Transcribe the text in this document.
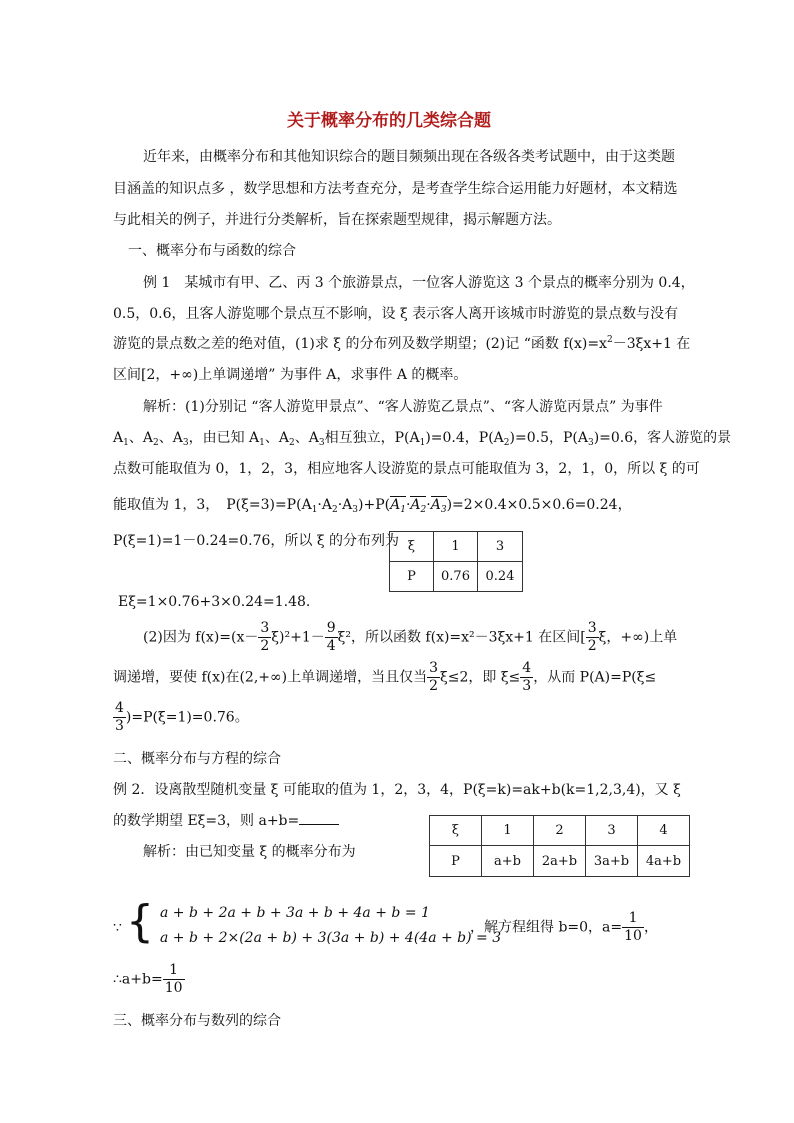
关于概率分布的几类综合题
近年来，由概率分布和其他知识综合的题目频频出现在各级各类考试题中，由于这类题
目涵盖的知识点多 ，数学思想和方法考查充分，是考查学生综合运用能力好题材，本文精选
与此相关的例子，并进行分类解析，旨在探索题型规律，揭示解题方法。
一、概率分布与函数的综合
例 1　某城市有甲、乙、丙 3 个旅游景点，一位客人游览这 3 个景点的概率分别为 0.4，
0.5，0.6，且客人游览哪个景点互不影响，设 ξ 表示客人离开该城市时游览的景点数与没有
游览的景点数之差的绝对值，(1)求 ξ 的分布列及数学期望；(2)记 “函数 $f(x)=x^2-3\xi x+1$ 在
区间[2，+∞)上单调递增” 为事件 A，求事件 A 的概率。
解析：(1)分别记 “客人游览甲景点”、“客人游览乙景点”、“客人游览丙景点” 为事件
$A_1$、$A_2$、$A_3$，由已知 $A_1$、$A_2$、$A_3$相互独立，$P(A_1)=0.4$，$P(A_2)=0.5$，$P(A_3)=0.6$，客人游览的景
点数可能取值为 0，1，2，3，相应地客人设游览的景点可能取值为 3，2，1，0，所以 ξ 的可
能取值为 1，3，　$P(\xi=3)=P(A_1\cdot A_2\cdot A_3)+P(A_1\cdot A_2\cdot A_3)=2\times 0.4\times 0.5\times 0.6=0.24$，
P(ξ=1)=1－0.24=0.76，所以 ξ 的分布列为 ξ	1	3
P	0.76	0.24
Eξ=1×0.76+3×0.24=1.48.
(2)因为 $f(x)=(x- \frac{3}{2} \xi)^2+1- \frac{9}{4} \xi^2$，所以函数 f(x)=x²－3ξx+1 在区间[ $\frac{3}{2}$ ξ，+∞)上单
调递增，要使 f(x)在(2,+∞)上单调递增，当且仅当 $\frac{3}{2} \xi\le 2$，即 $\xi\le \frac{4}{3}$ ，从而 P(A)=P(ξ≤
$\frac{4}{3} )=P(\xi=1)=0.76$。
二、概率分布与方程的综合
例 2．设离散型随机变量 ξ 可能取的值为 1，2，3，4，P(ξ=k)=ak+b(k=1,2,3,4)，又 ξ
的数学期望 Eξ=3，则 a+b=
解析：由已知变量 ξ 的概率分布为
ξ	1	2	3	4
P	a+b	2a+b	3a+b	4a+b
∵ { a + b + 2a + b + 3a + b + 4a + b = 1
a + b + 2×(2a + b) + 3(3a + b) + 4(4a + b) = 3
，解方程组得 b=0，$a= \frac{1}{10}$ ，
∴a+b= $\frac{1}{10}$
三、概率分布与数列的综合
